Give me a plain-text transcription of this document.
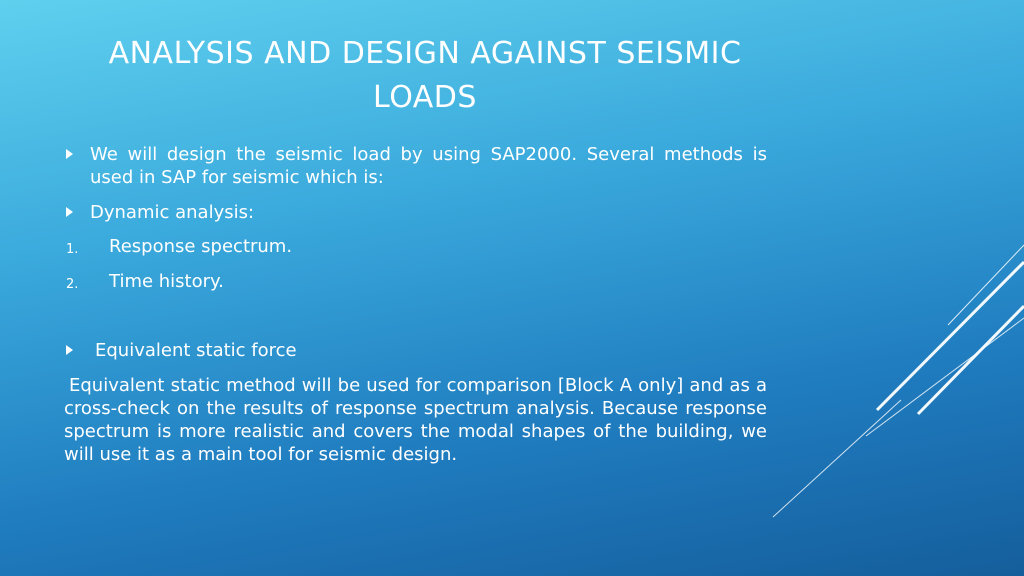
ANALYSIS AND DESIGN AGAINST SEISMIC LOADS
We will design the seismic load by using SAP2000. Several methods is used in SAP for seismic which is:
Dynamic analysis:
1. Response spectrum.
2. Time history.
Equivalent static force
Equivalent static method will be used for comparison [Block A only] and as a cross-check on the results of response spectrum analysis. Because response spectrum is more realistic and covers the modal shapes of the building, we will use it as a main tool for seismic design.
